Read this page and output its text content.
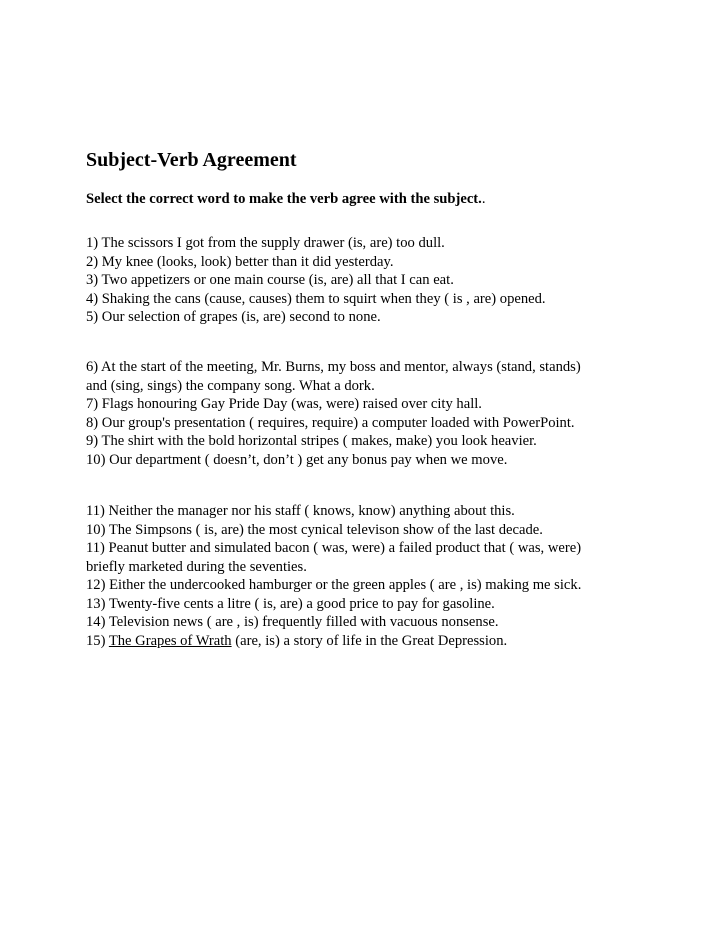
Subject-Verb Agreement
Select the correct word to make the verb agree with the subject..
1) The scissors I got from the supply drawer (is, are) too dull.
2) My knee (looks, look) better than it did yesterday.
3) Two appetizers or one main course (is, are) all that I can eat.
4) Shaking the cans (cause, causes) them to squirt when they ( is , are) opened.
5) Our selection of grapes (is, are) second to none.
6) At the start of the meeting, Mr. Burns, my boss and mentor, always (stand, stands)
and (sing, sings) the company song. What a dork.
7) Flags honouring Gay Pride Day (was, were) raised over city hall.
8) Our group's presentation ( requires, require) a computer loaded with PowerPoint.
9) The shirt with the bold horizontal stripes ( makes, make) you look heavier.
10) Our department ( doesn’t, don’t ) get any bonus pay when we move.
11) Neither the manager nor his staff ( knows, know) anything about this.
10) The Simpsons ( is, are) the most cynical televison show of the last decade.
11) Peanut butter and simulated bacon ( was, were) a failed product that ( was, were)
briefly marketed during the seventies.
12) Either the undercooked hamburger or the green apples ( are , is) making me sick.
13) Twenty-five cents a litre ( is, are) a good price to pay for gasoline.
14) Television news ( are , is) frequently filled with vacuous nonsense.
15) The Grapes of Wrath (are, is) a story of life in the Great Depression.
